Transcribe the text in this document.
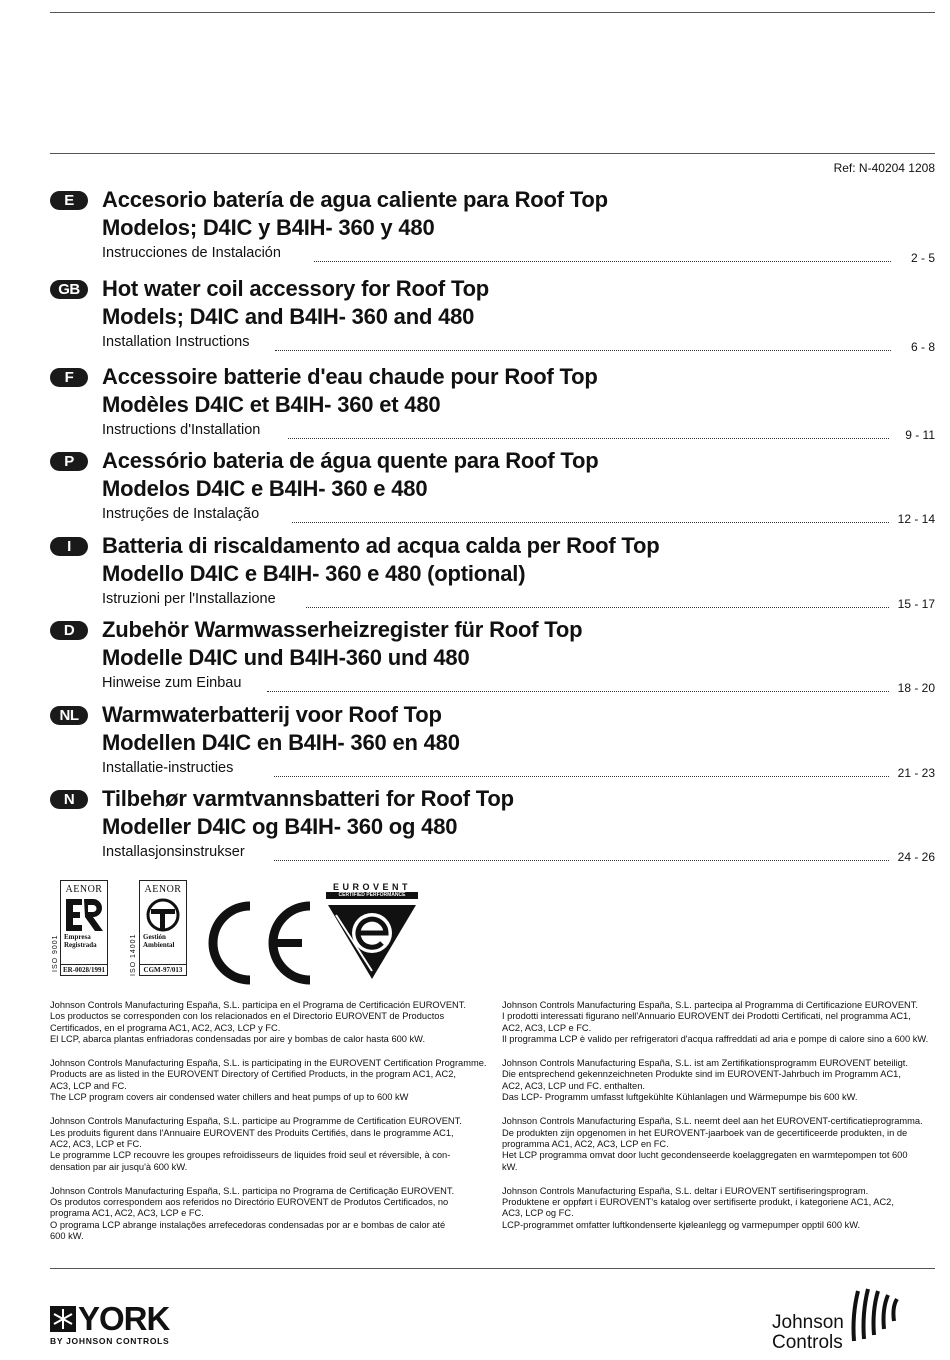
Ref: N-40204 1208
E	Accesorio batería de agua caliente para Roof Top
Modelos; D4IC y B4IH- 360 y 480
Instrucciones de Instalación	2 - 5
GB	Hot water coil accessory for Roof Top
Models; D4IC and B4IH- 360 and 480
Installation Instructions	6 - 8
F	Accessoire batterie d'eau chaude pour Roof Top
Modèles D4IC et B4IH- 360 et 480
Instructions d'Installation	9 - 11
P	Acessório bateria de água quente para Roof Top
Modelos D4IC e B4IH- 360 e 480
Instruções de Instalação	12 - 14
I	Batteria di riscaldamento ad acqua calda per Roof Top
Modello D4IC e B4IH- 360 e 480 (optional)
Istruzioni per l'Installazione	15 - 17
D	Zubehör Warmwasserheizregister für Roof Top
Modelle D4IC und B4IH-360 und 480
Hinweise zum Einbau	18 - 20
NL	Warmwaterbatterij voor Roof Top
Modellen D4IC en B4IH- 360 en 480
Installatie-instructies	21 - 23
N	Tilbehør varmtvannsbatteri for Roof Top
Modeller D4IC og B4IH- 360 og 480
Installasjonsinstrukser	24 - 26
ISO 9001
AENOR
Empresa
Registrada
ER-0028/1991	ISO 14001
AENOR
Gestión
Ambiental
CGM-97/013
EUROVENT
CERTIFIED PERFORMANCE

Johnson Controls Manufacturing España, S.L. participa en el Programa de Certificación EUROVENT.
Los productos se corresponden con los relacionados en el Directorio EUROVENT de Productos
Certificados, en el programa AC1, AC2, AC3, LCP y FC.
El LCP, abarca plantas enfriadoras condensadas por aire y bombas de calor hasta 600 kW.

Johnson Controls Manufacturing España, S.L. is participating in the EUROVENT Certification Programme.
Products are as listed in the EUROVENT Directory of Certified Products, in the program AC1, AC2,
AC3, LCP and FC.
The LCP program covers air condensed water chillers and heat pumps of up to 600 kW

Johnson Controls Manufacturing España, S.L. participe au Programme de Certification EUROVENT.
Les produits figurent dans l'Annuaire EUROVENT des Produits Certifiés, dans le programme AC1,
AC2, AC3, LCP et FC.
Le programme LCP recouvre les groupes refroidisseurs de liquides froid seul et réversible, à con-
densation par air jusqu'à 600 kW.

Johnson Controls Manufacturing España, S.L. participa no Programa de Certificação EUROVENT.
Os produtos correspondem aos referidos no Directório EUROVENT de Produtos Certificados, no
programa AC1, AC2, AC3, LCP e FC.
O programa LCP abrange instalações arrefecedoras condensadas por ar e bombas de calor até
600 kW.

Johnson Controls Manufacturing España, S.L. partecipa al Programma di Certificazione EUROVENT.
I prodotti interessati figurano nell'Annuario EUROVENT dei Prodotti Certificati, nel programma AC1,
AC2, AC3, LCP e FC.
Il programma LCP è valido per refrigeratori d'acqua raffreddati ad aria e pompe di calore sino a 600 kW.

Johnson Controls Manufacturing España, S.L. ist am Zertifikationsprogramm EUROVENT beteiligt.
Die entsprechend gekennzeichneten Produkte sind im EUROVENT-Jahrbuch im Programm AC1,
AC2, AC3, LCP und FC. enthalten.
Das LCP- Programm umfasst luftgekühlte Kühlanlagen und Wärmepumpe bis 600 kW.

Johnson Controls Manufacturing España, S.L. neemt deel aan het EUROVENT-certificatieprogramma.
De produkten zijn opgenomen in het EUROVENT-jaarboek van de gecertificeerde produkten, in de
programma AC1, AC2, AC3, LCP en FC.
Het LCP programma omvat door lucht gecondenseerde koelaggregaten en warmtepompen tot 600
kW.

Johnson Controls Manufacturing España, S.L. deltar i EUROVENT sertifiseringsprogram.
Produktene er oppført i EUROVENT's katalog over sertifiserte produkt, i kategoriene AC1, AC2,
AC3, LCP og FC.
LCP-programmet omfatter luftkondenserte kjøleanlegg og varmepumper opptil 600 kW.

YORK
BY JOHNSON CONTROLS
Johnson
Controls
